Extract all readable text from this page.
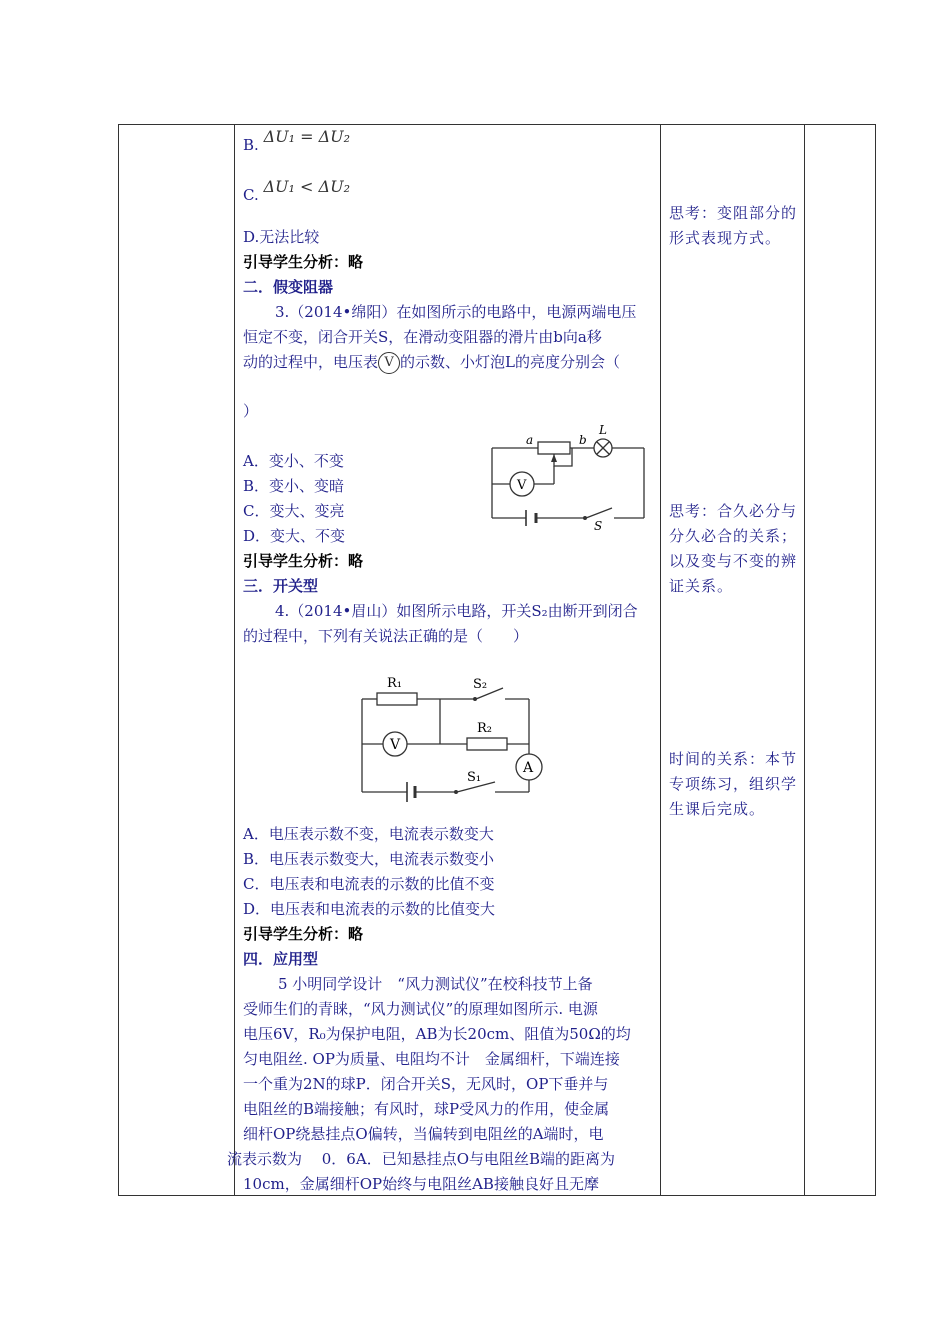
B. ΔU₁ = ΔU₂
C. ΔU₁ < ΔU₂
D.无法比较
引导学生分析：略
二．假变阻器
3.（2014•绵阳）在如图所示的电路中，电源两端电压
恒定不变，闭合开关S，在滑动变阻器的滑片由b向a移
动的过程中，电压表 V 的示数、小灯泡L的亮度分别会（
）
A．变小、不变
B．变小、变暗
C．变大、变亮
D．变大、不变
引导学生分析：略
三．开关型
4.（2014•眉山）如图所示电路，开关S₂由断开到闭合
的过程中，下列有关说法正确的是（　　）
A．电压表示数不变，电流表示数变大
B．电压表示数变大，电流表示数变小
C．电压表和电流表的示数的比值不变
D．电压表和电流表的示数的比值变大
引导学生分析：略
四．应用型
　5 小明同学设计　“风力测试仪”在校科技节上备
受师生们的青睐，“风力测试仪”的原理如图所示. 电源
电压6V，R₀为保护电阻，AB为长20cm、阻值为50Ω的均
匀电阻丝. OP为质量、电阻均不计　金属细杆，下端连接
一个重为2N的球P．闭合开关S，无风时，OP下垂并与
电阻丝的B端接触；有风时，球P受风力的作用，使金属
细杆OP绕悬挂点O偏转，当偏转到电阻丝的A端时，电
流表示数为　 0．6A．已知悬挂点O与电阻丝B端的距离为
10cm，金属细杆OP始终与电阻丝AB接触良好且无摩
a	b
L
V
S
R₁	S₂
R₂
V
A
S₁
思考：变阻部分的形式表现方式。
思考：合久必分与分久必合的关系；以及变与不变的辨证关系。
时间的关系：本节专项练习，组织学生课后完成。
